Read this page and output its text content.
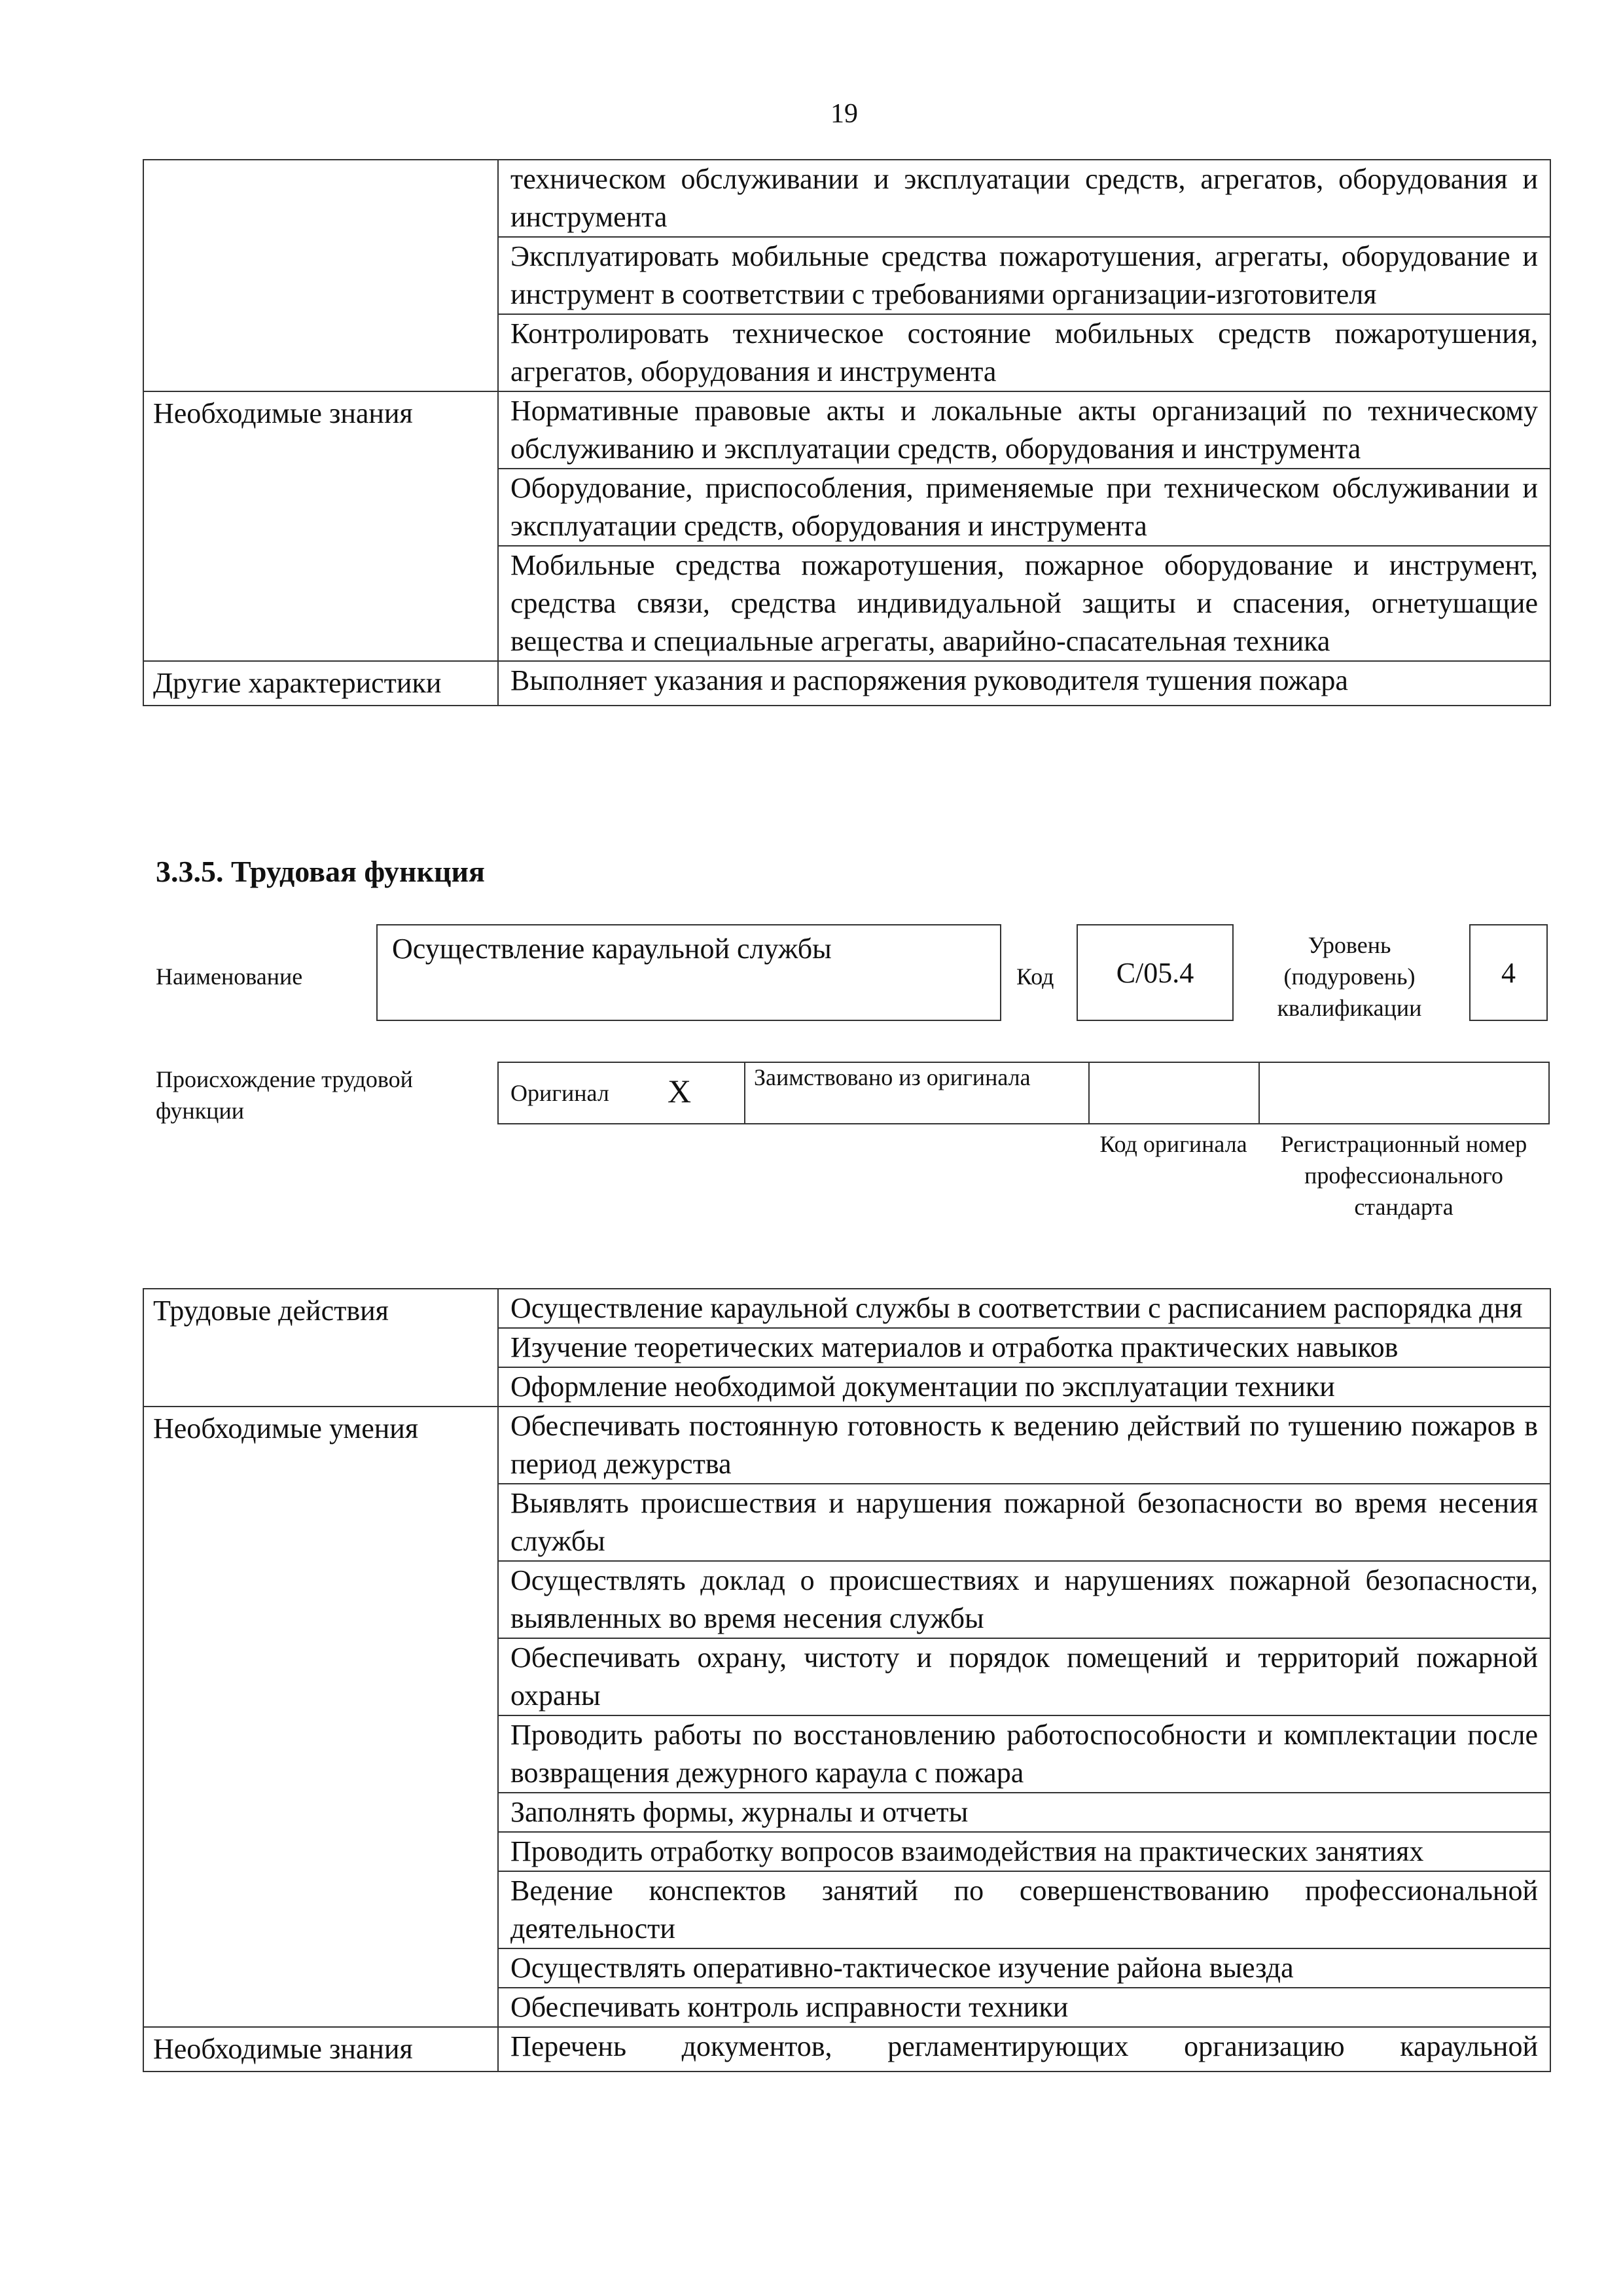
19
	техническом обслуживании и эксплуатации средств, агрегатов, оборудования и инструмента
	Эксплуатировать мобильные средства пожаротушения, агрегаты, оборудование и инструмент в соответствии с требованиями организации-изготовителя
	Контролировать техническое состояние мобильных средств пожаротушения, агрегатов, оборудования и инструмента
Необходимые знания	Нормативные правовые акты и локальные акты организаций по техническому обслуживанию и эксплуатации средств, оборудования и инструмента
	Оборудование, приспособления, применяемые при техническом обслуживании и эксплуатации средств, оборудования и инструмента
	Мобильные средства пожаротушения, пожарное оборудование и инструмент, средства связи, средства индивидуальной защиты и спасения, огнетушащие вещества и специальные агрегаты, аварийно-спасательная техника
Другие характеристики	Выполняет указания и распоряжения руководителя тушения пожара
3.3.5. Трудовая функция
Наименование
Осуществление караульной службы
Код	C/05.4
Уровень (подуровень) квалификации
4
Происхождение трудовой функции
Оригинал X	Заимствовано из оригинала
Код оригинала	Регистрационный номер профессионального стандарта
Трудовые действия	Осуществление караульной службы в соответствии с расписанием распорядка дня
	Изучение теоретических материалов и отработка практических навыков
	Оформление необходимой документации по эксплуатации техники
Необходимые умения	Обеспечивать постоянную готовность к ведению действий по тушению пожаров в период дежурства
	Выявлять происшествия и нарушения пожарной безопасности во время несения службы
	Осуществлять доклад о происшествиях и нарушениях пожарной безопасности, выявленных во время несения службы
	Обеспечивать охрану, чистоту и порядок помещений и территорий пожарной охраны
	Проводить работы по восстановлению работоспособности и комплектации после возвращения дежурного караула с пожара
	Заполнять формы, журналы и отчеты
	Проводить отработку вопросов взаимодействия на практических занятиях
	Ведение конспектов занятий по совершенствованию профессиональной деятельности
	Осуществлять оперативно-тактическое изучение района выезда
	Обеспечивать контроль исправности техники
Необходимые знания	Перечень документов, регламентирующих организацию караульной
